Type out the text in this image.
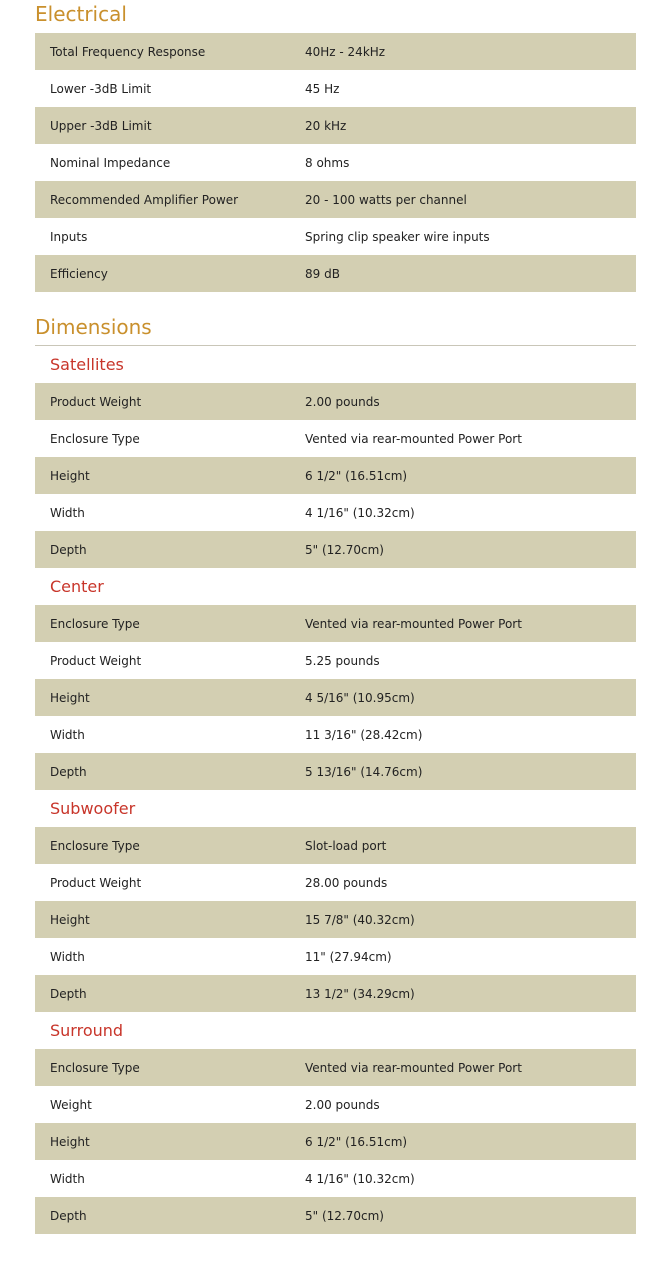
Electrical
Total Frequency Response	40Hz - 24kHz
Lower -3dB Limit	45 Hz
Upper -3dB Limit	20 kHz
Nominal Impedance	8 ohms
Recommended Amplifier Power	20 - 100 watts per channel
Inputs	Spring clip speaker wire inputs
Efficiency	89 dB
Dimensions
Satellites
Product Weight	2.00 pounds
Enclosure Type	Vented via rear-mounted Power Port
Height	6 1/2" (16.51cm)
Width	4 1/16" (10.32cm)
Depth	5" (12.70cm)
Center
Enclosure Type	Vented via rear-mounted Power Port
Product Weight	5.25 pounds
Height	4 5/16" (10.95cm)
Width	11 3/16" (28.42cm)
Depth	5 13/16" (14.76cm)
Subwoofer
Enclosure Type	Slot-load port
Product Weight	28.00 pounds
Height	15 7/8" (40.32cm)
Width	11" (27.94cm)
Depth	13 1/2" (34.29cm)
Surround
Enclosure Type	Vented via rear-mounted Power Port
Weight	2.00 pounds
Height	6 1/2" (16.51cm)
Width	4 1/16" (10.32cm)
Depth	5" (12.70cm)
